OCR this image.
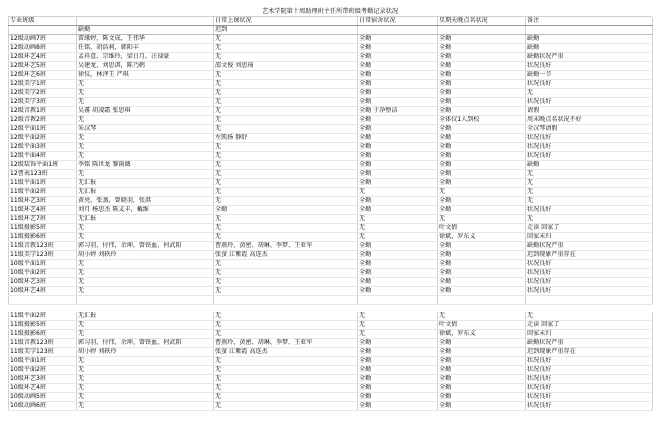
艺术学院第十周助理班主任所带班级考勤记录状况
专业班级		日常上课状况	日常宿舍状况	星期天晚点名状况	备注
	缺勤	迟到			
12级动画7班	雷缘婷，陈文成，王伟华	无	全勤	全勤	缺勤
12级动画8班	任铭，胡浩莉，韩阳丰	无	全勤	全勤	缺勤
12级环艺4班	孟祥意，宗维玲，梁日月，汪禄豪	无	全勤	全勤	缺勤状况严重
12级环艺5班	吴建龙，刘思淇，陈乃鹤	邵文俊 刘思琦	全勤	全勤	状况良好
12级环艺6班	徐仪，林泽王 严琪	无	全勤	全勤	缺勤一节
12级美学1班	无	无	全勤	全勤	状况良好
12级美学2班	无	无	全勤	全勤	无
12级美学3班	无	无	全勤	全勤	状况良好
12级音教1班	吴蕃 胡凌霜 张思琪	无	全勤 于净整洁	全勤	请假
12级音教2班	无	无	全勤	全体仅1人到校	周末晚点名状况不好
12级平面1班	朱汉琴	无	全勤	全勤	全汉琴请假
12级平面2班	无	左凯扬 静舒	全勤	全勤	状况良好
12级平面3班	无	无	全勤	全勤	状况良好
12级平面4班	无	无	全勤	全勤	状况良好
12级装饰平面1班	李铭 陈世龙 黎雨薇	无	全勤	全勤	缺勤
12曹表123班	无	无	全勤	全勤	无
11级平面1班	无汇报	无	全勤	全勤	无
11级平面2班	无汇报	无	无	无	无
11级环艺3班	黄亮，张蒸，曾晓羽，张淇	无	全勤	全勤	无
11级环艺4班	刘月 杨思杰 陈义丰，戴维	全勤	全勤	全勤	状况良好
11级环艺7班	无汇报	无	无	无	无
11级摄影5班	无	无	无	叶文倩	走读 回家了
11级摄影6班	无	无	无	徐斌，罗东义	回家未归
11级音教123班	郭习羽，付伟，余坤，曾铁血，何武阳	曹燕玲、黄密、胡琳、李梦、王亚军	全勤	全勤	缺勤状况严重
11级美学123班	胡小婷 刘轶玲	张萤 江紫霞 高连杰	全勤	全勤	迟到现象严重存在
10级平面1班	无	无	全勤	全勤	状况良好
10级平面2班	无	无	全勤	全勤	状况良好
10级环艺3班	无	无	全勤	全勤	状况良好
10级环艺4班	无	无	全勤	全勤	状况良好

11级平面2班	无汇报	无	无	无	无
11级摄影5班	无	无	无	叶文倩	走读 回家了
11级摄影6班	无	无	无	徐斌，罗东义	回家未归
11级音教123班	郭习羽，付伟，余坤，曾铁血，何武阳	曹燕玲、黄密、胡琳、李梦、王亚军	全勤	全勤	缺勤状况严重
11级美学123班	胡小婷 刘轶玲	张萤 江紫霞 高连杰	全勤	全勤	迟到现象严重存在
10级平面1班	无	无	全勤	全勤	状况良好
10级平面2班	无	无	全勤	全勤	状况良好
10级环艺3班	无	无	全勤	全勤	状况良好
10级环艺4班	无	无	全勤	全勤	状况良好
10级动画5班	无	无	全勤	全勤	状况良好
10级动画6班	无	无	全勤	全勤	状况良好
